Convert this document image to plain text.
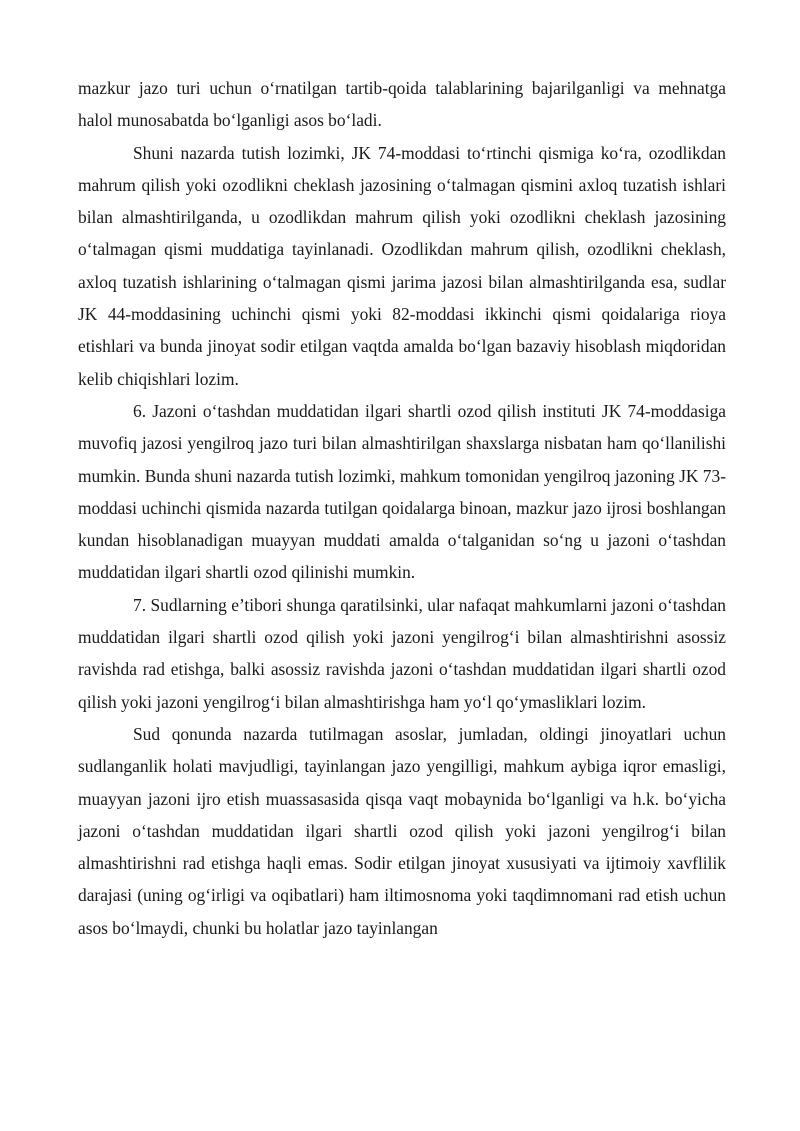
mazkur jazo turi uchun o‘rnatilgan tartib-qoida talablarining bajarilganligi va mehnatga halol munosabatda bo‘lganligi asos bo‘ladi.

Shuni nazarda tutish lozimki, JK 74-moddasi to‘rtinchi qismiga ko‘ra, ozodlikdan mahrum qilish yoki ozodlikni cheklash jazosining o‘talmagan qismini axloq tuzatish ishlari bilan almashtirilganda, u ozodlikdan mahrum qilish yoki ozodlikni cheklash jazosining o‘talmagan qismi muddatiga tayinlanadi. Ozodlikdan mahrum qilish, ozodlikni cheklash, axloq tuzatish ishlarining o‘talmagan qismi jarima jazosi bilan almashtirilganda esa, sudlar JK 44-moddasining uchinchi qismi yoki 82-moddasi ikkinchi qismi qoidalariga rioya etishlari va bunda jinoyat sodir etilgan vaqtda amalda bo‘lgan bazaviy hisoblash miqdoridan kelib chiqishlari lozim.

6. Jazoni o‘tashdan muddatidan ilgari shartli ozod qilish instituti JK 74-moddasiga muvofiq jazosi yengilroq jazo turi bilan almashtirilgan shaxslarga nisbatan ham qo‘llanilishi mumkin. Bunda shuni nazarda tutish lozimki, mahkum tomonidan yengilroq jazoning JK 73-moddasi uchinchi qismida nazarda tutilgan qoidalarga binoan, mazkur jazo ijrosi boshlangan kundan hisoblanadigan muayyan muddati amalda o‘talganidan so‘ng u jazoni o‘tashdan muddatidan ilgari shartli ozod qilinishi mumkin.

7. Sudlarning e’tibori shunga qaratilsinki, ular nafaqat mahkumlarni jazoni o‘tashdan muddatidan ilgari shartli ozod qilish yoki jazoni yengilrog‘i bilan almashtirishni asossiz ravishda rad etishga, balki asossiz ravishda jazoni o‘tashdan muddatidan ilgari shartli ozod qilish yoki jazoni yengilrog‘i bilan almashtirishga ham yo‘l qo‘ymasliklari lozim.

Sud qonunda nazarda tutilmagan asoslar, jumladan, oldingi jinoyatlari uchun sudlanganlik holati mavjudligi, tayinlangan jazo yengilligi, mahkum aybiga iqror emasligi, muayyan jazoni ijro etish muassasasida qisqa vaqt mobaynida bo‘lganligi va h.k. bo‘yicha jazoni o‘tashdan muddatidan ilgari shartli ozod qilish yoki jazoni yengilrog‘i bilan almashtirishni rad etishga haqli emas. Sodir etilgan jinoyat xususiyati va ijtimoiy xavflilik darajasi (uning og‘irligi va oqibatlari) ham iltimosnoma yoki taqdimnomani rad etish uchun asos bo‘lmaydi, chunki bu holatlar jazo tayinlangan
